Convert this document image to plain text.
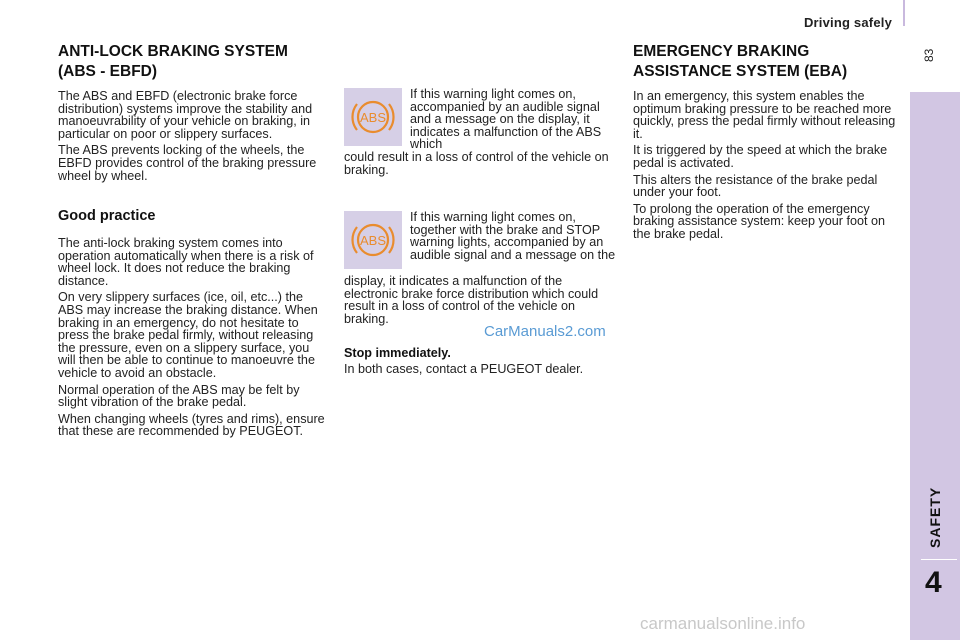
Driving safely
83
SAFETY
4
ANTI-LOCK BRAKING SYSTEM
(ABS - EBFD)

The ABS and EBFD (electronic brake force distribution) systems improve the stability and manoeuvrability of your vehicle on braking, in particular on poor or slippery surfaces.

The ABS prevents locking of the wheels, the EBFD provides control of the braking pressure wheel by wheel.

Good practice

The anti-lock braking system comes into operation automatically when there is a risk of wheel lock. It does not reduce the braking distance.

On very slippery surfaces (ice, oil, etc...) the ABS may increase the braking distance. When braking in an emergency, do not hesitate to press the brake pedal firmly, without releasing the pressure, even on a slippery surface, you will then be able to continue to manoeuvre the vehicle to avoid an obstacle.

Normal operation of the ABS may be felt by slight vibration of the brake pedal.

When changing wheels (tyres and rims), ensure that these are recommended by PEUGEOT.

ABS

If this warning light comes on, accompanied by an audible signal and a message on the display, it indicates a malfunction of the ABS which

could result in a loss of control of the vehicle on braking.

ABS

If this warning light comes on, together with the brake and STOP warning lights, accompanied by an audible signal and a message on the

display, it indicates a malfunction of the electronic brake force distribution which could result in a loss of control of the vehicle on braking.

Stop immediately.

In both cases, contact a PEUGEOT dealer.

EMERGENCY BRAKING
ASSISTANCE SYSTEM (EBA)

In an emergency, this system enables the optimum braking pressure to be reached more quickly, press the pedal firmly without releasing it.

It is triggered by the speed at which the brake pedal is activated.

This alters the resistance of the brake pedal under your foot.

To prolong the operation of the emergency braking assistance system: keep your foot on the brake pedal.

CarManuals2.com
carmanualsonline.info
